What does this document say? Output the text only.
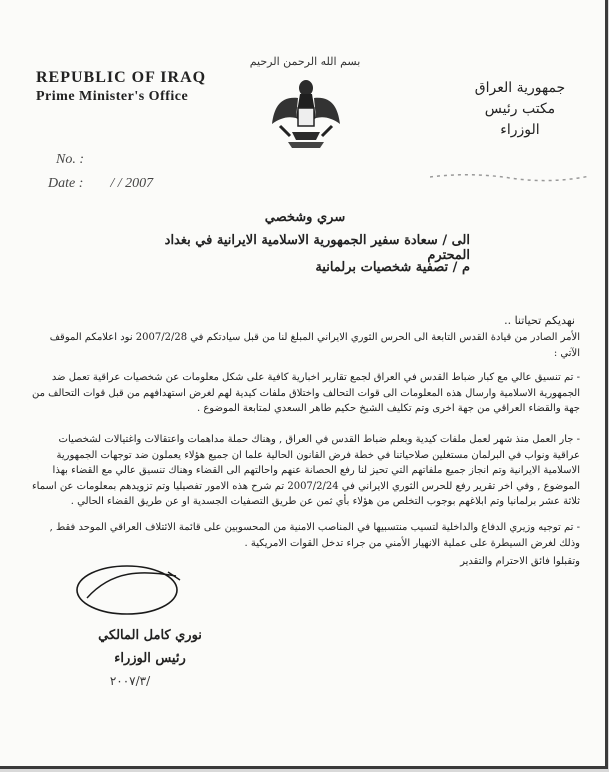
REPUBLIC OF IRAQ
Prime Minister's Office
بسم الله الرحمن الرحيم
جمهورية العراق
مكتب رئيس الوزراء
No. :
Date : / / 2007
سري وشخصي
الى / سعادة سفير الجمهورية الاسلامية الايرانية في بغداد المحترم
م / تصفية شخصيات برلمانية
نهديكم تحياتنا ..
الأمر الصادر من قيادة القدس التابعة الى الحرس الثوري الايراني المبلغ لنا من قبل سيادتكم في 2007/2/28 نود اعلامكم الموقف الآتي :
- تم تنسيق عالي مع كبار ضباط القدس في العراق لجمع تقارير اخبارية كافية على شكل معلومات عن شخصيات عراقية تعمل ضد الجمهورية الاسلامية وارسال هذه المعلومات الى قوات التحالف واختلاق ملفات كيدية لهم لغرض استهدافهم من قبل قوات التحالف من جهة والقضاء العراقي من جهة اخرى وتم تكليف الشيخ حكيم طاهر السعدي لمتابعة الموضوع .
- جار العمل منذ شهر لعمل ملفات كيدية وبعلم ضباط القدس في العراق , وهناك حملة مداهمات واعتقالات واغتيالات لشخصيات عراقية ونواب في البرلمان مستغلين صلاحياتنا في خطة فرض القانون الحالية علما ان جميع هؤلاء يعملون ضد توجهات الجمهورية الاسلامية الايرانية وتم انجاز جميع ملفاتهم التي تحيز لنا رفع الحصانة عنهم واحالتهم الى القضاء وهناك تنسيق عالي مع القضاء بهذا الموضوع , وفي اخر تقرير رفع للحرس الثوري الايراني في 2007/2/24 تم شرح هذه الامور تفصيليا وتم تزويدهم بمعلومات عن اسماء ثلاثة عشر برلمانيا وتم ابلاغهم بوجوب التخلص من هؤلاء بأي ثمن عن طريق التصفيات الجسدية او عن طريق القضاء الحالي .
- تم توجيه وزيري الدفاع والداخلية لتسيب منتسبيها في المناصب الامنية من المحسوبين على قائمة الائتلاف العراقي الموحد فقط , وذلك لغرض السيطرة على عملية الانهيار الأمني من جراء تدخل القوات الامريكية .
وتقبلوا فائق الاحترام والتقدير
نوري كامل المالكي
رئيس الوزراء
٢٠٠٧/٣/
